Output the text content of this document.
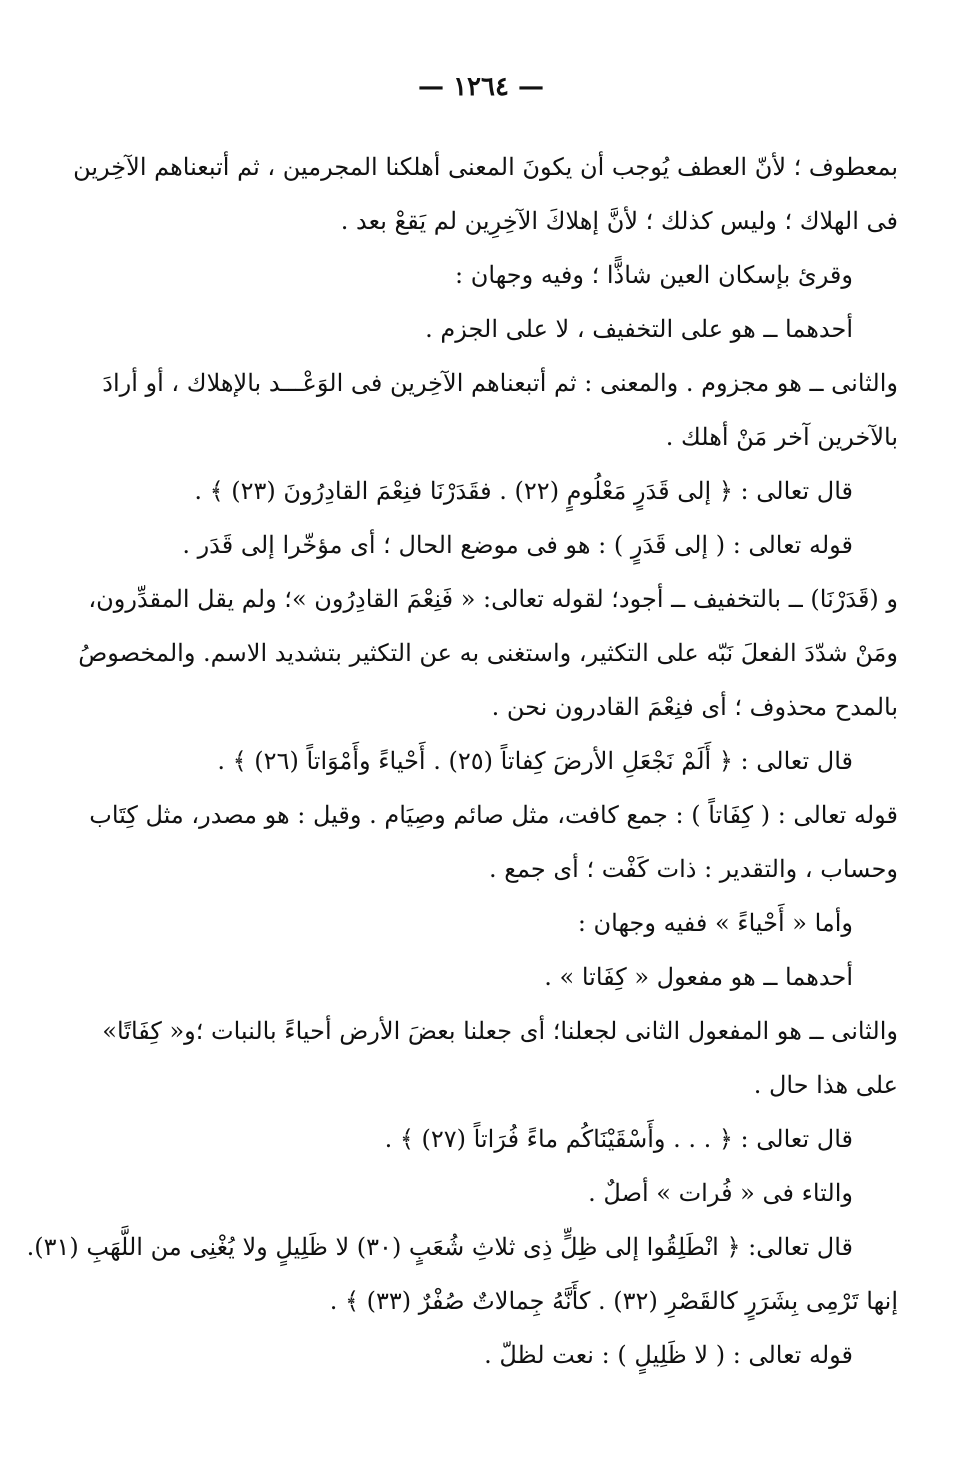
— ١٢٦٤ —
بمعطوف ؛ لأنّ العطف يُوجب أن يكونَ المعنى أهلكنا المجرمين ، ثم أتبعناهم الآخِرين
فى الهلاك ؛ وليس كذلك ؛ لأنَّ إهلاكَ الآخِرِين لم يَقعْ بعد .
وقرئ بإسكان العين شاذًّا ؛ وفيه وجهان :
أحدهما ــ هو على التخفيف ، لا على الجزم .
والثانى ــ هو مجزوم . والمعنى : ثم أتبعناهم الآخِرين فى الوَعْـــد بالإهلاك ، أو أرادَ
بالآخرين آخر مَنْ أهلك .
قال تعالى : ﴿ إلى قَدَرٍ مَعْلُومٍ (٢٢) . فقَدَرْنَا فنِعْمَ القادِرُونَ (٢٣) ﴾ .
قوله تعالى : ( إلى قَدَرٍ ) : هو فى موضع الحال ؛ أى مؤخّرا إلى قَدَر .
و (قَدَرْنَا) ــ بالتخفيف ــ أجود؛ لقوله تعالى: « فَنِعْمَ القادِرُون »؛ ولم يقل المقدِّرون،
ومَنْ شدّدَ الفعلَ نَبّه على التكثير، واستغنى به عن التكثير بتشديد الاسم. والمخصوصُ
بالمدح محذوف ؛ أى فنِعْمَ القادرون نحن .
قال تعالى : ﴿ أَلَمْ نَجْعَلِ الأرضَ كِفاتاً (٢٥) . أَحْياءً وأَمْوَاتاً (٢٦) ﴾ .
قوله تعالى : ( كِفَاتاً ) : جمع كافت، مثل صائم وصِيَام . وقيل : هو مصدر، مثل كِتَاب
وحساب ، والتقدير : ذات كَفْت ؛ أى جمع .
وأما « أَحْياءً » ففيه وجهان :
أحدهما ــ هو مفعول « كِفَاتا » .
والثانى ــ هو المفعول الثانى لجعلنا؛ أى جعلنا بعضَ الأرض أحياءً بالنبات ؛و« كِفَاتًا»
على هذا حال .
قال تعالى : ﴿ . . . وأَسْقَيْنَاكُم ماءً فُرَاتاً (٢٧) ﴾ .
والتاء فى « فُرات » أصلٌ .
قال تعالى: ﴿ انْطَلِقُوا إلى ظِلٍّ ذِى ثلاثِ شُعَبٍ (٣٠) لا ظَلِيلٍ ولا يُغْنِى من اللَّهَبِ (٣١).
إنها تَرْمِى بِشَرَرٍ كالقَصْرِ (٣٢) . كأَنَّهُ جِمالاتٌ صُفْرٌ (٣٣) ﴾ .
قوله تعالى : ( لا ظَلِيلٍ ) : نعت لظلّ .
